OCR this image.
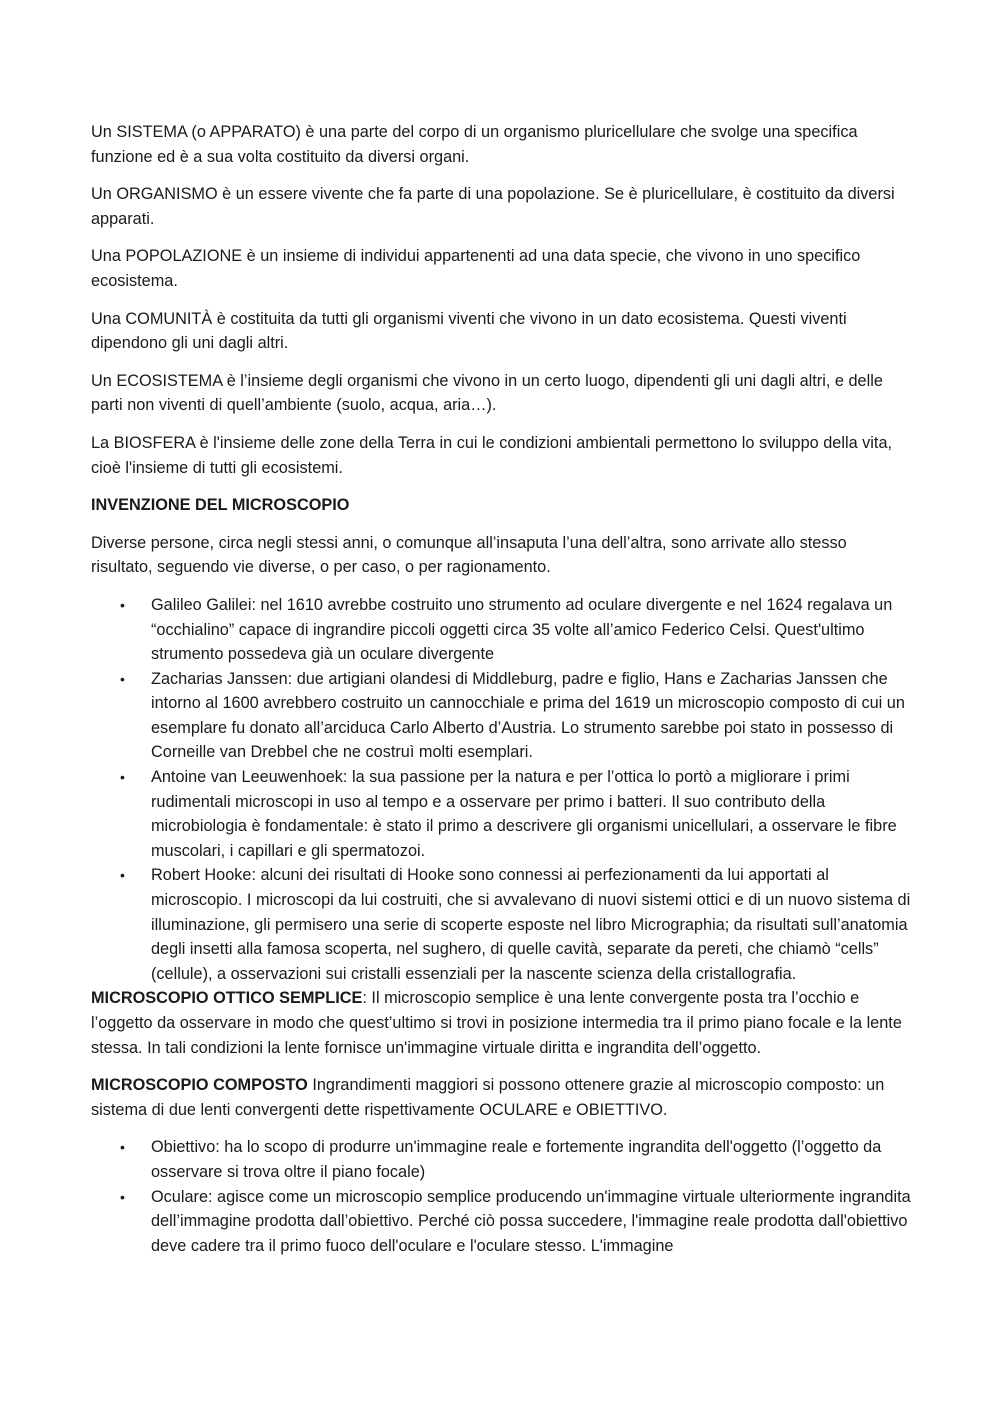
Un SISTEMA (o APPARATO) è una parte del corpo di un organismo pluricellulare che svolge una specifica funzione ed è a sua volta costituito da diversi organi.

Un ORGANISMO è un essere vivente che fa parte di una popolazione. Se è pluricellulare, è costituito da diversi apparati.

Una POPOLAZIONE è un insieme di individui appartenenti ad una data specie, che vivono in uno specifico ecosistema.

Una COMUNITÀ è costituita da tutti gli organismi viventi che vivono in un dato ecosistema. Questi viventi dipendono gli uni dagli altri.

Un ECOSISTEMA è l’insieme degli organismi che vivono in un certo luogo, dipendenti gli uni dagli altri, e delle parti non viventi di quell’ambiente (suolo, acqua, aria…).

La BIOSFERA è l'insieme delle zone della Terra in cui le condizioni ambientali permettono lo sviluppo della vita, cioè l'insieme di tutti gli ecosistemi.

INVENZIONE DEL MICROSCOPIO

Diverse persone, circa negli stessi anni, o comunque all’insaputa l’una dell’altra, sono arrivate allo stesso risultato, seguendo vie diverse, o per caso, o per ragionamento.

• Galileo Galilei: nel 1610 avrebbe costruito uno strumento ad oculare divergente e nel 1624 regalava un “occhialino” capace di ingrandire piccoli oggetti circa 35 volte all’amico Federico Celsi. Quest'ultimo strumento possedeva già un oculare divergente
• Zacharias Janssen: due artigiani olandesi di Middleburg, padre e figlio, Hans e Zacharias Janssen che intorno al 1600 avrebbero costruito un cannocchiale e prima del 1619 un microscopio composto di cui un esemplare fu donato all’arciduca Carlo Alberto d’Austria. Lo strumento sarebbe poi stato in possesso di Corneille van Drebbel che ne costruì molti esemplari.
• Antoine van Leeuwenhoek: la sua passione per la natura e per l’ottica lo portò a migliorare i primi rudimentali microscopi in uso al tempo e a osservare per primo i batteri. Il suo contributo della microbiologia è fondamentale: è stato il primo a descrivere gli organismi unicellulari, a osservare le fibre muscolari, i capillari e gli spermatozoi.
• Robert Hooke: alcuni dei risultati di Hooke sono connessi ai perfezionamenti da lui apportati al microscopio. I microscopi da lui costruiti, che si avvalevano di nuovi sistemi ottici e di un nuovo sistema di illuminazione, gli permisero una serie di scoperte esposte nel libro Micrographia; da risultati sull’anatomia degli insetti alla famosa scoperta, nel sughero, di quelle cavità, separate da pereti, che chiamò “cells” (cellule), a osservazioni sui cristalli essenziali per la nascente scienza della cristallografia.

MICROSCOPIO OTTICO SEMPLICE: Il microscopio semplice è una lente convergente posta tra l’occhio e l’oggetto da osservare in modo che quest’ultimo si trovi in posizione intermedia tra il primo piano focale e la lente stessa. In tali condizioni la lente fornisce un'immagine virtuale diritta e ingrandita dell’oggetto.

MICROSCOPIO COMPOSTO Ingrandimenti maggiori si possono ottenere grazie al microscopio composto: un sistema di due lenti convergenti dette rispettivamente OCULARE e OBIETTIVO.

• Obiettivo: ha lo scopo di produrre un'immagine reale e fortemente ingrandita dell'oggetto (l’oggetto da osservare si trova oltre il piano focale)
• Oculare: agisce come un microscopio semplice producendo un'immagine virtuale ulteriormente ingrandita dell’immagine prodotta dall’obiettivo. Perché ciò possa succedere, l'immagine reale prodotta dall'obiettivo deve cadere tra il primo fuoco dell'oculare e l'oculare stesso. L'immagine
